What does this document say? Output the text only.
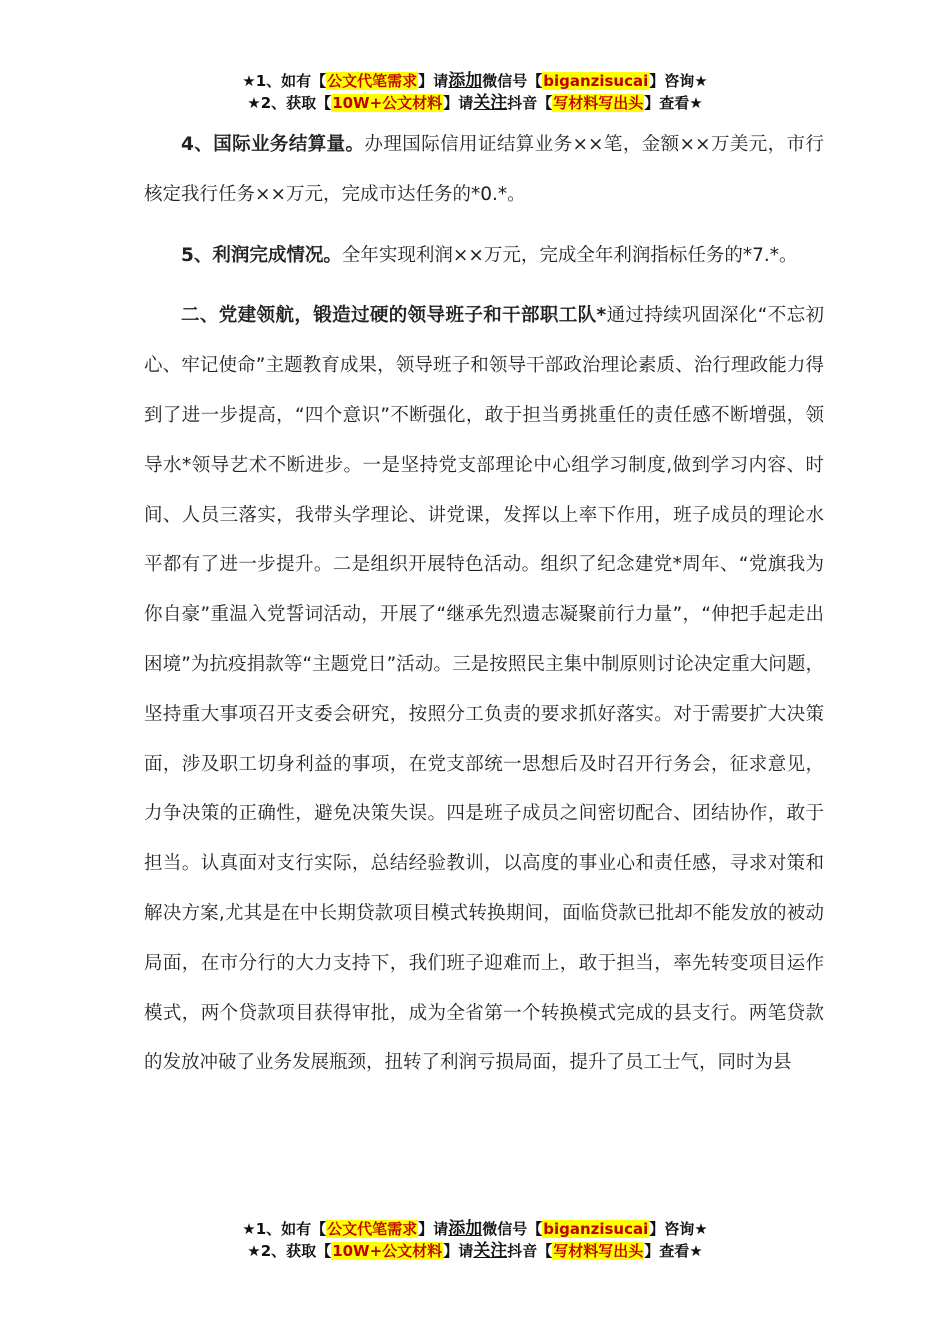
★1、如有【公文代笔需求】请添加微信号【biganzisucai】咨询★
★2、获取【10W+公文材料】请关注抖音【写材料写出头】查看★

4、国际业务结算量。办理国际信用证结算业务××笔，金额××万美元，市行核定我行任务××万元，完成市达任务的*0.*。

5、利润完成情况。全年实现利润××万元，完成全年利润指标任务的*7.*。

二、党建领航，锻造过硬的领导班子和干部职工队*通过持续巩固深化“不忘初心、牢记使命”主题教育成果，领导班子和领导干部政治理论素质、治行理政能力得到了进一步提高，“四个意识”不断强化，敢于担当勇挑重任的责任感不断增强，领导水*领导艺术不断进步。一是坚持党支部理论中心组学习制度,做到学习内容、时间、人员三落实，我带头学理论、讲党课，发挥以上率下作用，班子成员的理论水平都有了进一步提升。二是组织开展特色活动。组织了纪念建党*周年、“党旗我为你自豪”重温入党誓词活动，开展了“继承先烈遗志凝聚前行力量”，“伸把手起走出困境”为抗疫捐款等“主题党日”活动。三是按照民主集中制原则讨论决定重大问题，坚持重大事项召开支委会研究，按照分工负责的要求抓好落实。对于需要扩大决策面，涉及职工切身利益的事项，在党支部统一思想后及时召开行务会，征求意见，力争决策的正确性，避免决策失误。四是班子成员之间密切配合、团结协作，敢于担当。认真面对支行实际，总结经验教训，以高度的事业心和责任感，寻求对策和解决方案,尤其是在中长期贷款项目模式转换期间，面临贷款已批却不能发放的被动局面，在市分行的大力支持下，我们班子迎难而上，敢于担当，率先转变项目运作模式，两个贷款项目获得审批，成为全省第一个转换模式完成的县支行。两笔贷款的发放冲破了业务发展瓶颈，扭转了利润亏损局面，提升了员工士气，同时为县

★1、如有【公文代笔需求】请添加微信号【biganzisucai】咨询★
★2、获取【10W+公文材料】请关注抖音【写材料写出头】查看★
